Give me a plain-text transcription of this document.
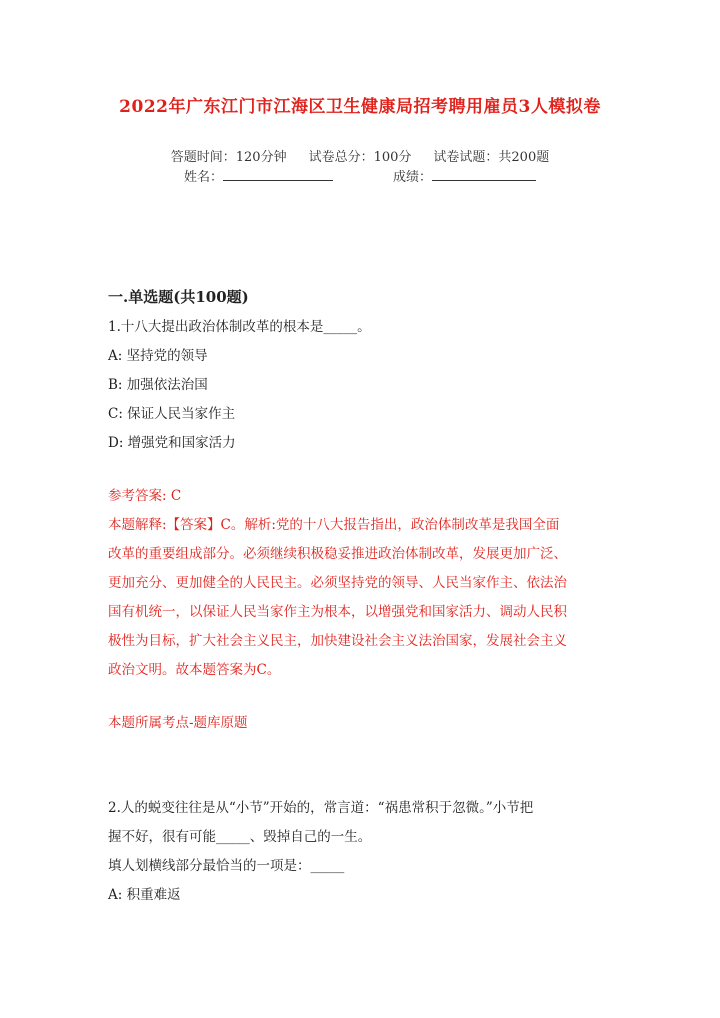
2022年广东江门市江海区卫生健康局招考聘用雇员3人模拟卷
答题时间：120分钟 试卷总分：100分 试卷试题：共200题
姓名：	成绩：
一.单选题(共100题)
1.十八大提出政治体制改革的根本是_____。
A: 坚持党的领导
B: 加强依法治国
C: 保证人民当家作主
D: 增强党和国家活力
参考答案: C
本题解释:【答案】C。解析:党的十八大报告指出，政治体制改革是我国全面
改革的重要组成部分。必须继续积极稳妥推进政治体制改革，发展更加广泛、
更加充分、更加健全的人民民主。必须坚持党的领导、人民当家作主、依法治
国有机统一，以保证人民当家作主为根本，以增强党和国家活力、调动人民积
极性为目标，扩大社会主义民主，加快建设社会主义法治国家，发展社会主义
政治文明。故本题答案为C。
本题所属考点-题库原题
2.人的蜕变往往是从“小节”开始的，常言道：“祸患常积于忽微。”小节把
握不好，很有可能_____、毁掉自己的一生。
填人划横线部分最恰当的一项是：_____
A: 积重难返
